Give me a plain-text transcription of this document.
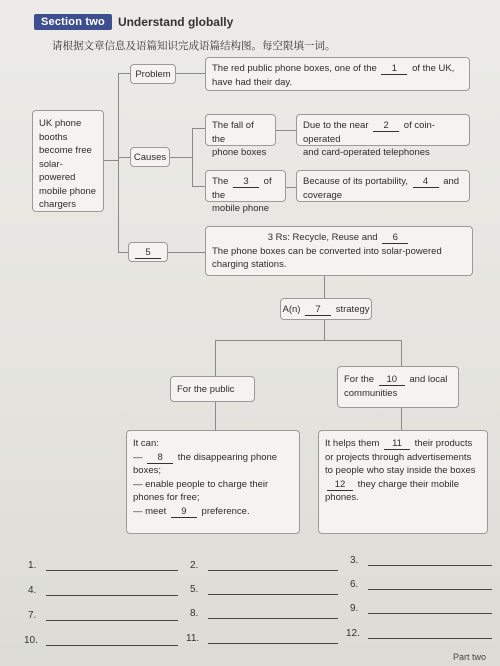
Section two	Understand globally
请根据文章信息及语篇知识完成语篇结构图。每空限填一词。
UK phone
booths
become free
solar-powered
mobile phone
chargers
Problem
The red public phone boxes, one of the 1 of the UK,
have had their day.
Causes
The fall of the
phone boxes
Due to the near 2 of coin-operated
and card-operated telephones
The 3 of the
mobile phone
Because of its portability, 4 and
coverage
5
3 Rs: Recycle, Reuse and 6
The phone boxes can be converted into solar-powered
charging stations.
A(n) 7 strategy
For the public
For the 10 and local
communities
It can:
— 8 the disappearing phone
boxes;
— enable people to charge their
phones for free;
— meet 9 preference.
It helps them 11 their products
or projects through advertisements
to people who stay inside the boxes
12 they charge their mobile
phones.
1.	2.	3.
4.	5.	6.
7.	8.	9.
10.	11.	12.
Part two
